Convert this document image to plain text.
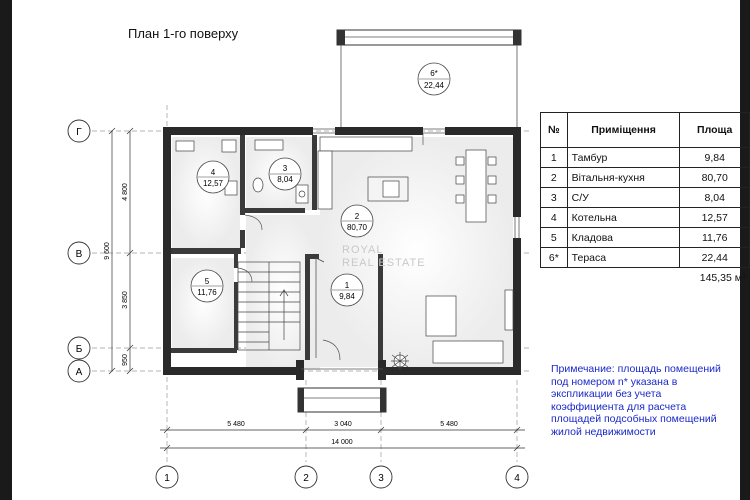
План 1-го поверху
4
12,57
3
8,04
2
80,70
5
11,76
1
9,84
6*
22,44
Г
В
Б
А
1	2	3	4
5 480	3 040	5 480
14 000
4 800
3 850
950
9 600	ROYAL
REAL ESTATE
№	Приміщення	Площа
1	Тамбур	9,84
2	Вітальня-кухня	80,70
3	С/У	8,04
4	Котельна	12,57
5	Кладова	11,76
6*	Тераса	22,44
		145,35 м²
Примечание: площадь помещений под номером n* указана в экспликации без учета коэффициента для расчета площадей подсобных помещений жилой недвижимости
